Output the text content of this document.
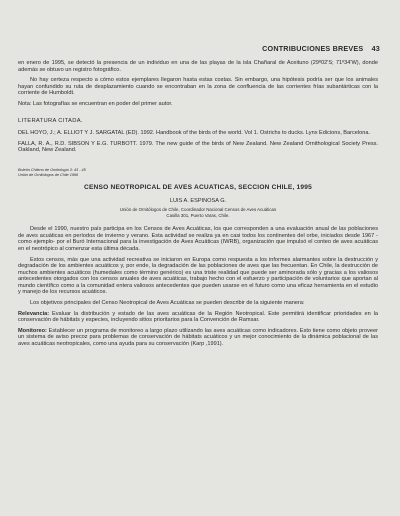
CONTRIBUCIONES BREVES 43

en enero de 1995, se detectó la presencia de un individuo en una de las playas de la isla Chañaral de Aceituno (29º02'S; 71º34'W), donde además se obtuvo un registro fotográfico.

No hay certeza respecto a cómo estos ejemplares llegaron hasta estas costas. Sin embargo, una hipótesis podría ser que los animales hayan confundido su ruta de desplazamiento cuando se encontraban en la zona de confluencia de las corrientes frías subantárticas con la corriente de Humboldt.

Nota: Las fotografías se encuentran en poder del primer autor.

LITERATURA CITADA.

DEL HOYO, J.; A. ELLIOT Y J. SARGATAL (ED). 1992. Handbook of the birds of the world. Vol 1. Ostrichs to ducks. Lynx Edicions, Barcelona.

FALLA, R. A., R.D. SIBSON Y E.G. TURBOTT. 1979. The new guide of the birds of New Zealand. New Zealand Ornithological Society Press. Oakland, New Zealand.

Boletín Chileno de Ornitología 3: 43 - 45
Unión de Ornitólogos de Chile 1996
CENSO NEOTROPICAL DE AVES ACUATICAS, SECCION CHILE, 1995
LUIS A. ESPINOSA G.
Unión de Ornitólogos de Chile, Coordinador Nacional Censos de Aves Acuáticas
Casilla 301, Puerto Varas, Chile.

Desde el 1990, nuestro país participa en los Censos de Aves Acuáticas, los que corresponden a una evaluación anual de las poblaciones de aves acuáticas en períodos de invierno y verano. Esta actividad se realiza ya en casi todos los continentes del orbe, iniciados desde 1967 -como ejemplo- por el Buró Internacional para la investigación de Aves Acuáticas (IWRB), organización que impulsó el conteo de aves acuáticas en el neotrópico al comenzar esta última década.

Estos censos, más que una actividad recreativa se iniciaron en Europa como respuesta a los informes alarmantes sobre la destrucción y degradación de los ambientes acuáticos y, por ende, la degradación de las poblaciones de aves que las frecuentan. En Chile, la destrucción de muchos ambientes acuáticos (humedales como término genérico) es una triste realidad que puede ser aminorada sólo y gracias a los valiosos antecedentes otorgados con los censos anuales de aves acuáticas, trabajo hecho con el esfuerzo y participación de voluntarios que aportan al mundo científico como a la comunidad entera valiosos antecedentes que pueden usarse en el futuro como una eficaz herramienta en el estudio y manejo de los recursos acuáticos.

Los objetivos principales del Censo Neotropical de Aves Acuáticas se pueden describir de la siguiente manera:

Relevancia: Evaluar la distribución y estado de las aves acuáticas de la Región Neotropical. Este permitirá identificar prioridades en la conservación de hábitats y especies, incluyendo sitios prioritarios para la Convención de Ramsar.

Monitoreo: Establecer un programa de monitoreo a largo plazo utilizando las aves acuáticas como indicadores. Esto tiene como objeto proveer un sistema de aviso precoz para problemas de conservación de hábitats acuáticos y un mejor conocimiento de la dinámica poblacional de las aves acuáticas neotropicales, como una ayuda para su conservación (Karp ,1991).
